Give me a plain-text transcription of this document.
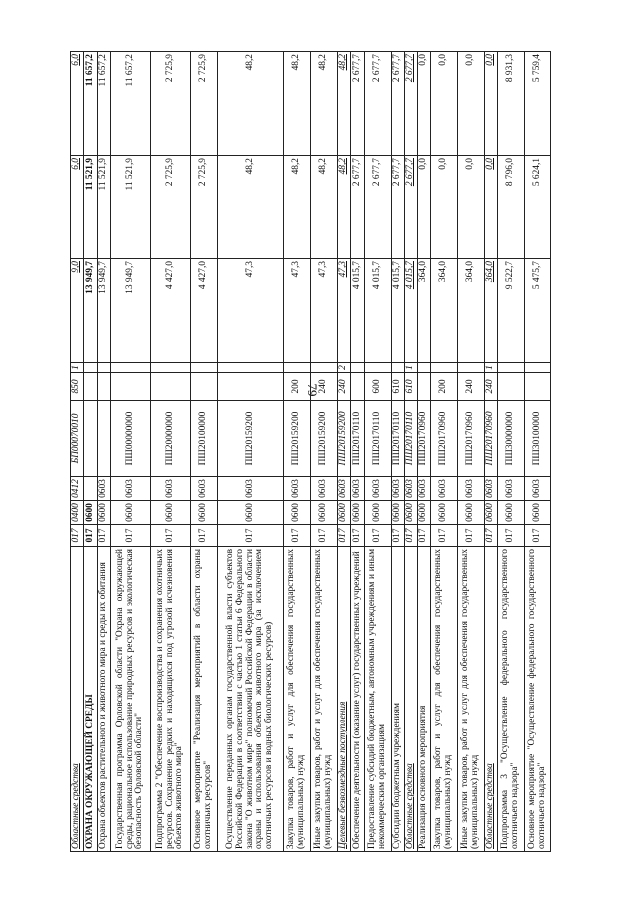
79
Областные средства	017	0400	0412	БП00070010	850	1	9,0	6,0	6,0
ОХРАНА ОКРУЖАЮЩЕЙ СРЕДЫ	017	0600					13 949,7	11 521,9	11 657,2
Охрана объектов растительного и животного мира и среды их обитания	017	0600	0603				13 949,7	11 521,9	11 657,2
Государственная программа Орловской области "Охрана окружающей среды, рациональное использование природных ресурсов и экологическая безопасность Орловской области"	017	0600	0603	ПШ00000000			13 949,7	11 521,9	11 657,2
Подпрограмма 2 "Обеспечение воспроизводства и сохранения охотничьих ресурсов. Сохранение редких и находящихся под угрозой исчезновения объектов животного мира"	017	0600	0603	ПШ20000000			4 427,0	2 725,9	2 725,9
Основное мероприятие "Реализация мероприятий в области охраны охотничьих ресурсов"	017	0600	0603	ПШ20100000			4 427,0	2 725,9	2 725,9
Осуществление переданных органам государственной власти субъектов Российской Федерации в соответствии с частью 1 статьи 6 Федерального закона "О животном мире" полномочий Российской Федерации в области охраны и использования объектов животного мира (за исключением охотничьих ресурсов и водных биологических ресурсов)	017	0600	0603	ПШ20159200			47,3	48,2	48,2
Закупка товаров, работ и услуг для обеспечения государственных (муниципальных) нужд	017	0600	0603	ПШ20159200	200		47,3	48,2	48,2
Иные закупки товаров, работ и услуг для обеспечения государственных (муниципальных) нужд	017	0600	0603	ПШ20159200	240		47,3	48,2	48,2
Целевые безвозмездные поступления	017	0600	0603	ПШ20159200	240	2	47,3	48,2	48,2
Обеспечение деятельности (оказание услуг) государственных учреждений	017	0600	0603	ПШ20170110			4 015,7	2 677,7	2 677,7
Предоставление субсидий бюджетным, автономным учреждениям и иным некоммерческим организациям	017	0600	0603	ПШ20170110	600		4 015,7	2 677,7	2 677,7
Субсидии бюджетным учреждениям	017	0600	0603	ПШ20170110	610		4 015,7	2 677,7	2 677,7
Областные средства	017	0600	0603	ПШ20170110	610	1	4 015,7	2 677,7	2 677,7
Реализация основного мероприятия	017	0600	0603	ПШ20170960			364,0	0,0	0,0
Закупка товаров, работ и услуг для обеспечения государственных (муниципальных) нужд	017	0600	0603	ПШ20170960	200		364,0	0,0	0,0
Иные закупки товаров, работ и услуг для обеспечения государственных (муниципальных) нужд	017	0600	0603	ПШ20170960	240		364,0	0,0	0,0
Областные средства	017	0600	0603	ПШ20170960	240	1	364,0	0,0	0,0
Подпрограмма 3 "Осуществление федерального государственного охотничьего надзора"	017	0600	0603	ПШ30000000			9 522,7	8 796,0	8 931,3
Основное мероприятие "Осуществление федерального государственного охотничьего надзора"	017	0600	0603	ПШ30100000			5 475,7	5 624,1	5 759,4
